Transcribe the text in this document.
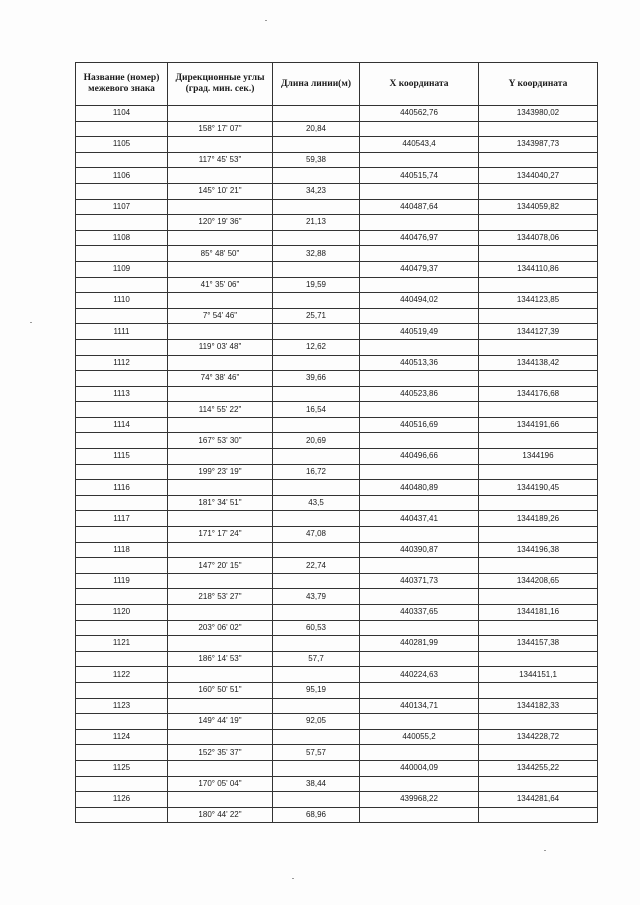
Название (номер) межевого знака	Дирекционные углы (град. мин. сек.)	Длина линии(м)	X координата	Y координата
1104			440562,76	1343980,02
	158° 17' 07"	20,84		
1105			440543,4	1343987,73
	117° 45' 53"	59,38		
1106			440515,74	1344040,27
	145° 10' 21"	34,23		
1107			440487,64	1344059,82
	120° 19' 36"	21,13		
1108			440476,97	1344078,06
	85° 48' 50"	32,88		
1109			440479,37	1344110,86
	41° 35' 06"	19,59		
1110			440494,02	1344123,85
	7° 54' 46"	25,71		
1111			440519,49	1344127,39
	119° 03' 48"	12,62		
1112			440513,36	1344138,42
	74° 38' 46"	39,66		
1113			440523,86	1344176,68
	114° 55' 22"	16,54		
1114			440516,69	1344191,66
	167° 53' 30"	20,69		
1115			440496,66	1344196
	199° 23' 19"	16,72		
1116			440480,89	1344190,45
	181° 34' 51"	43,5		
1117			440437,41	1344189,26
	171° 17' 24"	47,08		
1118			440390,87	1344196,38
	147° 20' 15"	22,74		
1119			440371,73	1344208,65
	218° 53' 27"	43,79		
1120			440337,65	1344181,16
	203° 06' 02"	60,53		
1121			440281,99	1344157,38
	186° 14' 53"	57,7		
1122			440224,63	1344151,1
	160° 50' 51"	95,19		
1123			440134,71	1344182,33
	149° 44' 19"	92,05		
1124			440055,2	1344228,72
	152° 35' 37"	57,57		
1125			440004,09	1344255,22
	170° 05' 04"	38,44		
1126			439968,22	1344281,64
	180° 44' 22"	68,96		
